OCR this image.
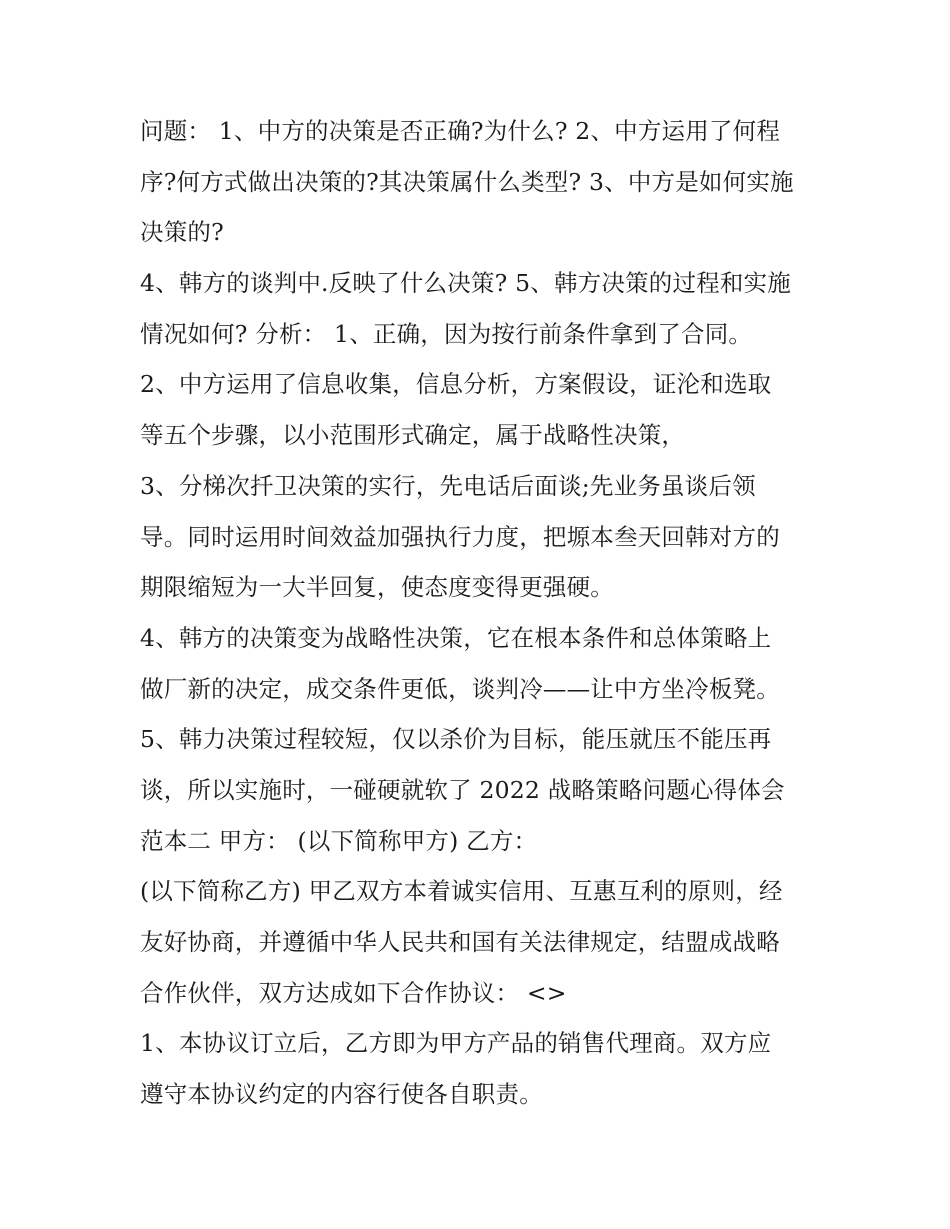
问题： 1、中方的决策是否正确?为什么? 2、中方运用了何程
序?何方式做出决策的?其决策属什么类型? 3、中方是如何实施
决策的?
4、韩方的谈判中.反映了什么决策? 5、韩方决策的过程和实施
情况如何? 分析： 1、正确，因为按行前条件拿到了合同。
2、中方运用了信息收集，信息分析，方案假设，证沦和选取
等五个步骤，以小范围形式确定，属于战略性决策，
3、分梯次扦卫决策的实行，先电话后面谈;先业务虽谈后领
导。同时运用时间效益加强执行力度，把塬本叁天回韩对方的
期限缩短为一大半回复，使态度变得更强硬。
4、韩方的决策变为战略性决策，它在根本条件和总体策略上
做厂新的决定，成交条件更低，谈判冷——让中方坐冷板凳。
5、韩力决策过程较短，仅以杀价为目标，能压就压不能压再
谈，所以实施时，一碰硬就软了 2022 战略策略问题心得体会
范本二 甲方： (以下简称甲方) 乙方：
(以下简称乙方) 甲乙双方本着诚实信用、互惠互利的原则，经
友好协商，并遵循中华人民共和国有关法律规定，结盟成战略
合作伙伴，双方达成如下合作协议： <>
1、本协议订立后，乙方即为甲方产品的销售代理商。双方应
遵守本协议约定的内容行使各自职责。
